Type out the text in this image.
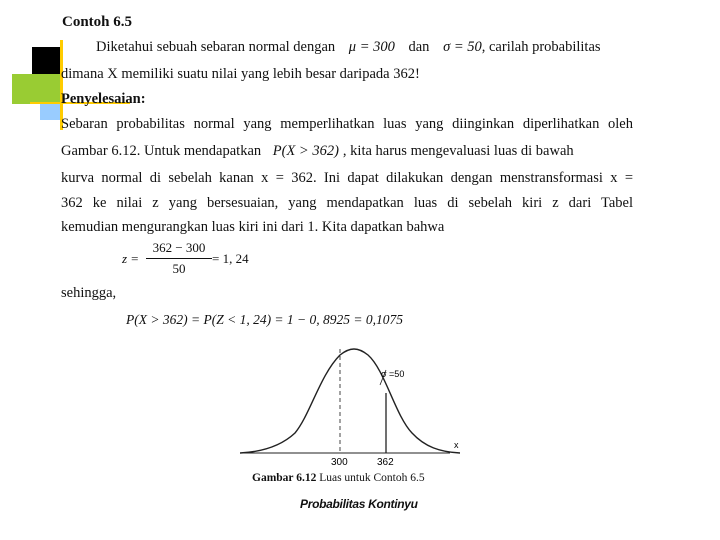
Contoh 6.5
Diketahui sebuah sebaran normal dengan μ = 300 dan σ = 50, carilah probabilitas
dimana X memiliki suatu nilai yang lebih besar daripada 362!
Penyelesaian:
Sebaran probabilitas normal yang memperlihatkan luas yang diinginkan diperlihatkan oleh
Gambar 6.12. Untuk mendapatkan P(X > 362) , kita harus mengevaluasi luas di bawah
kurva normal di sebelah kanan x = 362. Ini dapat dilakukan dengan menstransformasi x =
362 ke nilai z yang bersesuaian, yang mendapatkan luas di sebelah kiri z dari Tabel
kemudian mengurangkan luas kiri ini dari 1. Kita dapatkan bahwa
z =
362 − 300
50
= 1, 24
sehingga,
P(X > 362) = P(Z < 1, 24) = 1 − 0, 8925 = 0,1075
σ =50
x
300	362
Gambar 6.12 Luas untuk Contoh 6.5
Probabilitas Kontinyu
